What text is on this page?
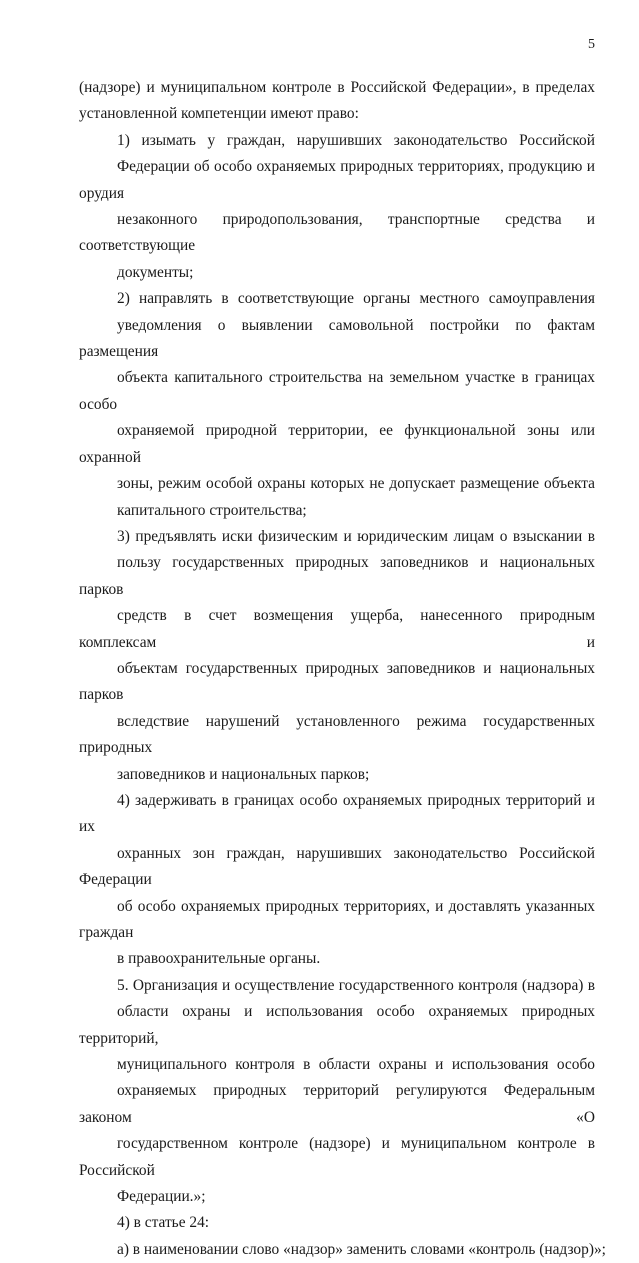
5

(надзоре) и муниципальном контроле в Российской Федерации», в пределах
установленной компетенции имеют право:

1) изымать у граждан, нарушивших законодательство Российской
Федерации об особо охраняемых природных территориях, продукцию и орудия
незаконного природопользования, транспортные средства и соответствующие
документы;

2) направлять в соответствующие органы местного самоуправления
уведомления о выявлении самовольной постройки по фактам размещения
объекта капитального строительства на земельном участке в границах особо
охраняемой природной территории, ее функциональной зоны или охранной
зоны, режим особой охраны которых не допускает размещение объекта
капитального строительства;

3) предъявлять иски физическим и юридическим лицам о взыскании в
пользу государственных природных заповедников и национальных парков
средств в счет возмещения ущерба, нанесенного природным комплексам и
объектам государственных природных заповедников и национальных парков
вследствие нарушений установленного режима государственных природных
заповедников и национальных парков;

4) задерживать в границах особо охраняемых природных территорий и их
охранных зон граждан, нарушивших законодательство Российской Федерации
об особо охраняемых природных территориях, и доставлять указанных граждан
в правоохранительные органы.

5. Организация и осуществление государственного контроля (надзора) в
области охраны и использования особо охраняемых природных территорий,
муниципального контроля в области охраны и использования особо
охраняемых природных территорий регулируются Федеральным законом «О
государственном контроле (надзоре) и муниципальном контроле в Российской
Федерации.»;

4) в статье 24:

а) в наименовании слово «надзор» заменить словами «контроль (надзор)»;
